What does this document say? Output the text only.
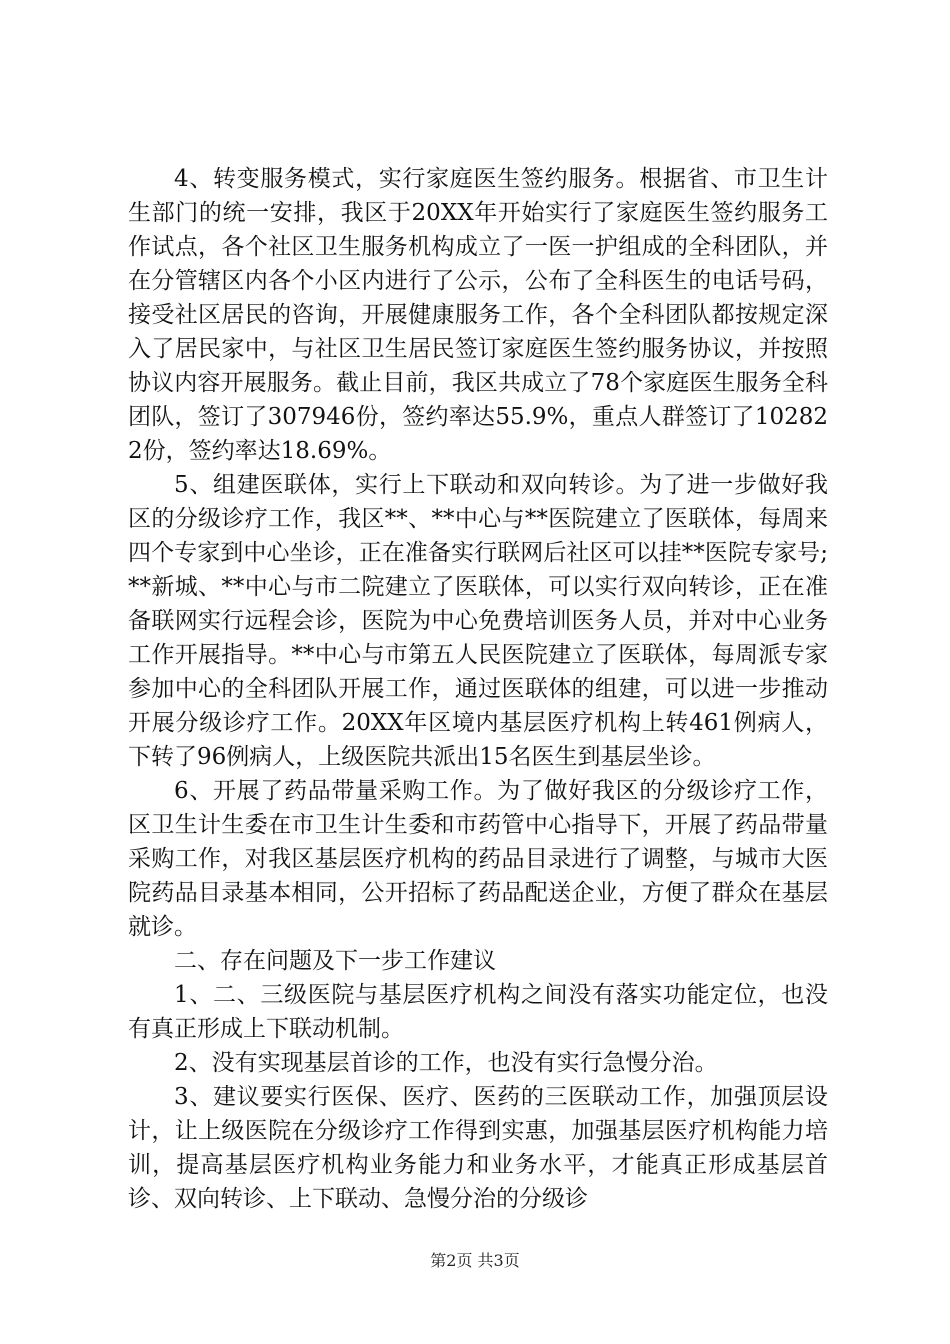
4、转变服务模式，实行家庭医生签约服务。根据省、市卫生计生部门的统一安排，我区于20XX年开始实行了家庭医生签约服务工作试点，各个社区卫生服务机构成立了一医一护组成的全科团队，并在分管辖区内各个小区内进行了公示，公布了全科医生的电话号码，接受社区居民的咨询，开展健康服务工作，各个全科团队都按规定深入了居民家中，与社区卫生居民签订家庭医生签约服务协议，并按照协议内容开展服务。截止目前，我区共成立了78个家庭医生服务全科团队，签订了307946份，签约率达55.9%，重点人群签订了102822份，签约率达18.69%。

5、组建医联体，实行上下联动和双向转诊。为了进一步做好我区的分级诊疗工作，我区**、**中心与**医院建立了医联体，每周来四个专家到中心坐诊，正在准备实行联网后社区可以挂**医院专家号;**新城、**中心与市二院建立了医联体，可以实行双向转诊，正在准备联网实行远程会诊，医院为中心免费培训医务人员，并对中心业务工作开展指导。**中心与市第五人民医院建立了医联体，每周派专家参加中心的全科团队开展工作，通过医联体的组建，可以进一步推动开展分级诊疗工作。20XX年区境内基层医疗机构上转461例病人，下转了96例病人，上级医院共派出15名医生到基层坐诊。

6、开展了药品带量采购工作。为了做好我区的分级诊疗工作，区卫生计生委在市卫生计生委和市药管中心指导下，开展了药品带量采购工作，对我区基层医疗机构的药品目录进行了调整，与城市大医院药品目录基本相同，公开招标了药品配送企业，方便了群众在基层就诊。

二、存在问题及下一步工作建议

1、二、三级医院与基层医疗机构之间没有落实功能定位，也没有真正形成上下联动机制。

2、没有实现基层首诊的工作，也没有实行急慢分治。

3、建议要实行医保、医疗、医药的三医联动工作，加强顶层设计，让上级医院在分级诊疗工作得到实惠，加强基层医疗机构能力培训，提高基层医疗机构业务能力和业务水平，才能真正形成基层首诊、双向转诊、上下联动、急慢分治的分级诊

第2页 共3页
